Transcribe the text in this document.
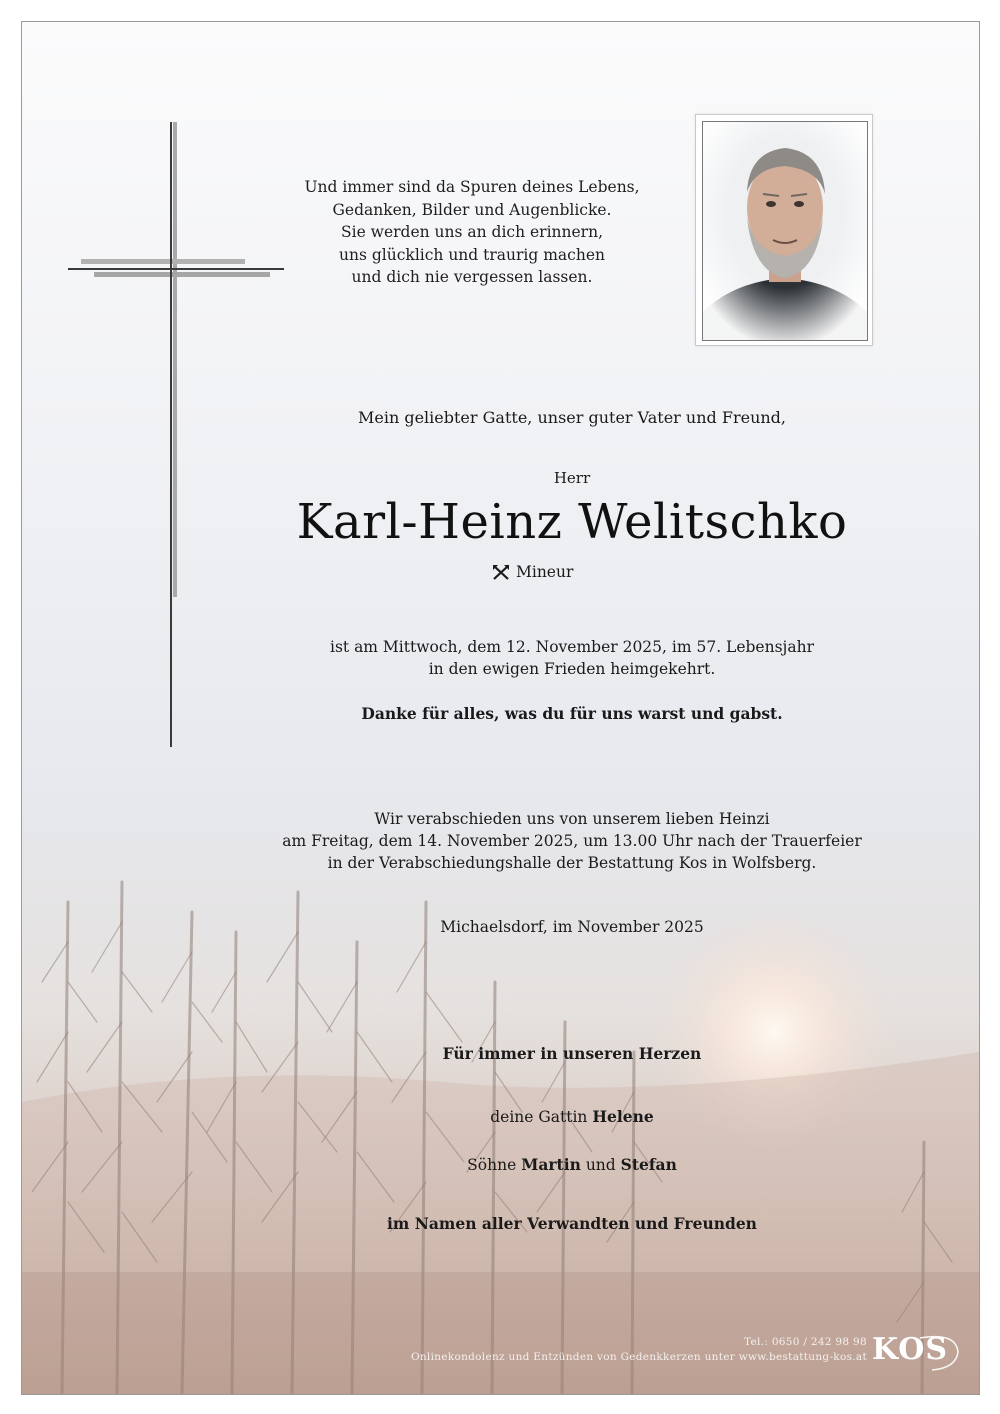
Und immer sind da Spuren deines Lebens,
Gedanken, Bilder und Augenblicke.
Sie werden uns an dich erinnern,
uns glücklich und traurig machen
und dich nie vergessen lassen.
Mein geliebter Gatte, unser guter Vater und Freund,
Herr
Karl-Heinz Welitschko
Mineur
ist am Mittwoch, dem 12. November 2025, im 57. Lebensjahr
in den ewigen Frieden heimgekehrt.
Danke für alles, was du für uns warst und gabst.
Wir verabschieden uns von unserem lieben Heinzi
am Freitag, dem 14. November 2025, um 13.00 Uhr nach der Trauerfeier
in der Verabschiedungshalle der Bestattung Kos in Wolfsberg.
Michaelsdorf, im November 2025
Für immer in unseren Herzen
deine Gattin Helene
Söhne Martin und Stefan
im Namen aller Verwandten und Freunden
Tel.: 0650 / 242 98 98
Onlinekondolenz und Entzünden von Gedenkkerzen unter www.bestattung-kos.at KOS
